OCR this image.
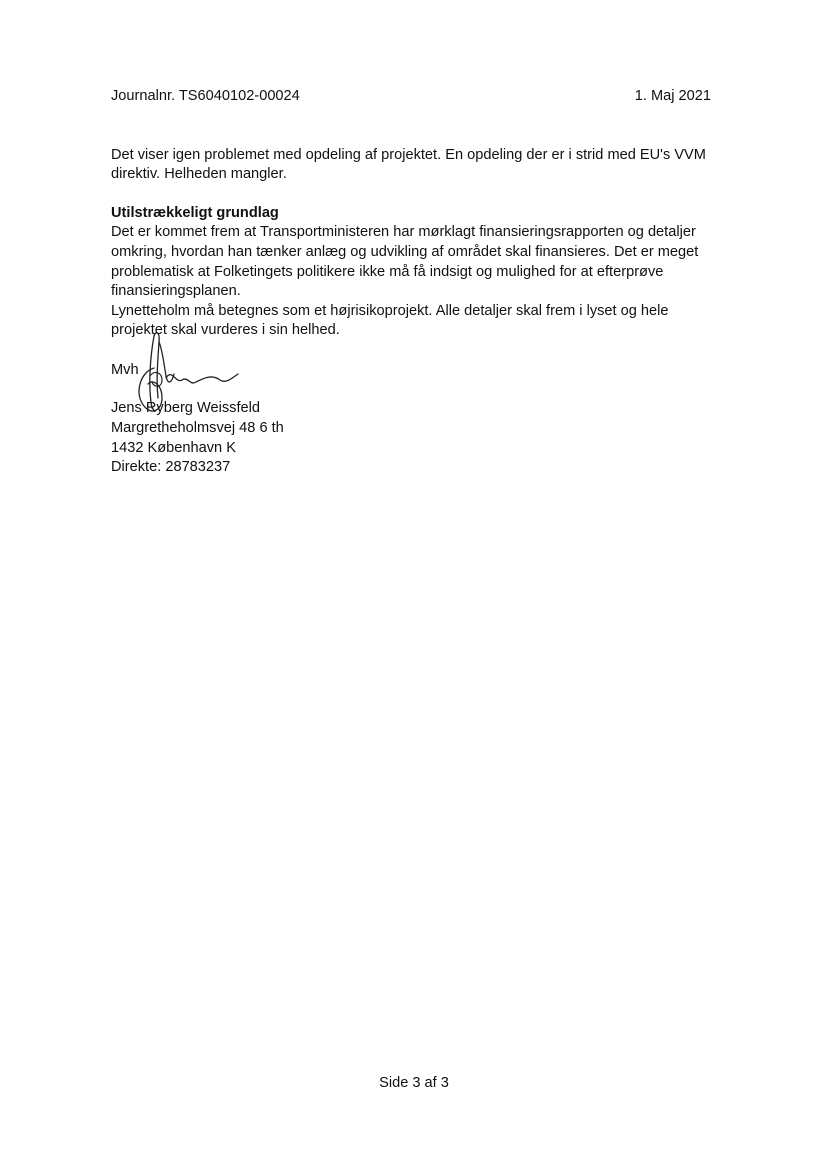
Journalnr. TS6040102-00024	1. Maj 2021
Det viser igen problemet med opdeling af projektet. En opdeling der er i strid med EU's VVM
direktiv. Helheden mangler.
Utilstrækkeligt grundlag
Det er kommet frem at Transportministeren har mørklagt finansieringsrapporten og detaljer
omkring, hvordan han tænker anlæg og udvikling af området skal finansieres. Det er meget
problematisk at Folketingets politikere ikke må få indsigt og mulighed for at efterprøve
finansieringsplanen.
Lynetteholm må betegnes som et højrisikoprojekt. Alle detaljer skal frem i lyset og hele
projektet skal vurderes i sin helhed.
Mvh
Jens Ryberg Weissfeld
Margretheholmsvej 48 6 th
1432 København K
Direkte: 28783237
Side 3 af 3
